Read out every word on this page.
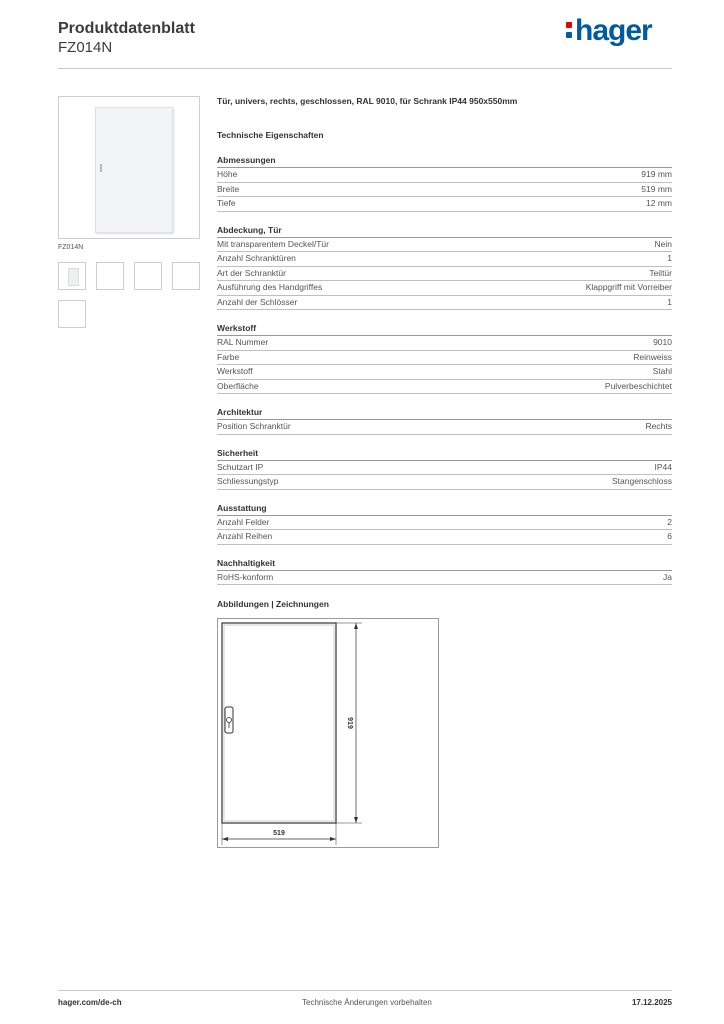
Produktdatenblatt
FZ014N
hager
FZ014N
Tür, univers, rechts, geschlossen, RAL 9010, für Schrank IP44 950x550mm
Technische Eigenschaften
Abmessungen
Höhe	919 mm
Breite	519 mm
Tiefe	12 mm
Abdeckung, Tür
Mit transparentem Deckel/Tür	Nein
Anzahl Schranktüren	1
Art der Schranktür	Teiltür
Ausführung des Handgriffes	Klappgriff mit Vorreiber
Anzahl der Schlösser	1
Werkstoff
RAL Nummer	9010
Farbe	Reinweiss
Werkstoff	Stahl
Oberfläche	Pulverbeschichtet
Architektur
Position Schranktür	Rechts
Sicherheit
Schutzart IP	IP44
Schliessungstyp	Stangenschloss
Ausstattung
Anzahl Felder	2
Anzahl Reihen	6
Nachhaltigkeit
RoHS-konform	Ja
Abbildungen | Zeichnungen
919
519
hager.com/de-ch	Technische Änderungen vorbehalten	17.12.2025
